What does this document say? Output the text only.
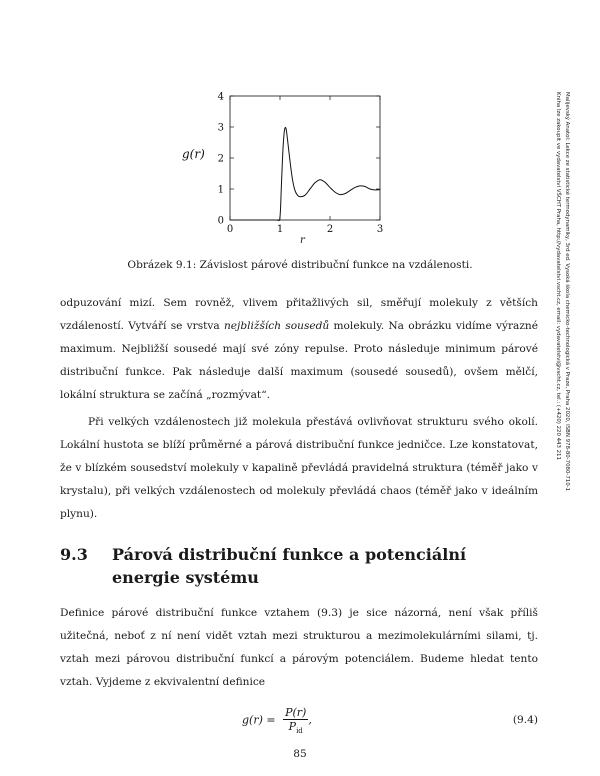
g(r)
r
0
1
2
3
4
0	1	2	3
Obrázek 9.1: Závislost párové distribuční funkce na vzdálenosti.
odpuzování mizí. Sem rovněž, vlivem přitažlivých sil, směřují molekuly z větších vzdáleností. Vytváří se vrstva nejbližších sousedů molekuly. Na obrázku vidíme výrazné maximum. Nejbližší sousedé mají své zóny repulse. Proto následuje minimum párové distribuční funkce. Pak následuje další maximum (sousedé sousedů), ovšem mělčí, lokální struktura se začíná „rozmývat“.
Při velkých vzdálenostech již molekula přestává ovlivňovat strukturu svého okolí. Lokální hustota se blíží průměrné a párová distribuční funkce jedničce. Lze konstatovat, že v blízkém sousedství molekuly v kapalině převládá pravidelná struktura (téměř jako v krystalu), při velkých vzdálenostech od molekuly převládá chaos (téměř jako v ideálním plynu).
9.3 Párová distribuční funkce a potenciální energie systému
Definice párové distribuční funkce vztahem (9.3) je sice názorná, není však příliš užitečná, neboť z ní není vidět vztah mezi strukturou a mezimolekulárními silami, tj. vztah mezi párovou distribuční funkcí a párovým potenciálem. Budeme hledat tento vztah. Vyjdeme z ekvivalentní definice
$g(r) = \frac{P(r)}{P_{id}}$ ,	(9.4)
85
Malijevský Anatol: Lekce ze statistické termodynamiky, 3rd ed. Vysoká škola chemicko-technologická v Praze, Praha 2020, ISBN 978-80-7080-710-1
Kniha lze zakoupit ve vydavatelství VŠCHT Praha, http://vydavatelstvi.vscht.cz, email: vydavatelstvi@vscht.cz, tel.: (+420) 220 443 211
